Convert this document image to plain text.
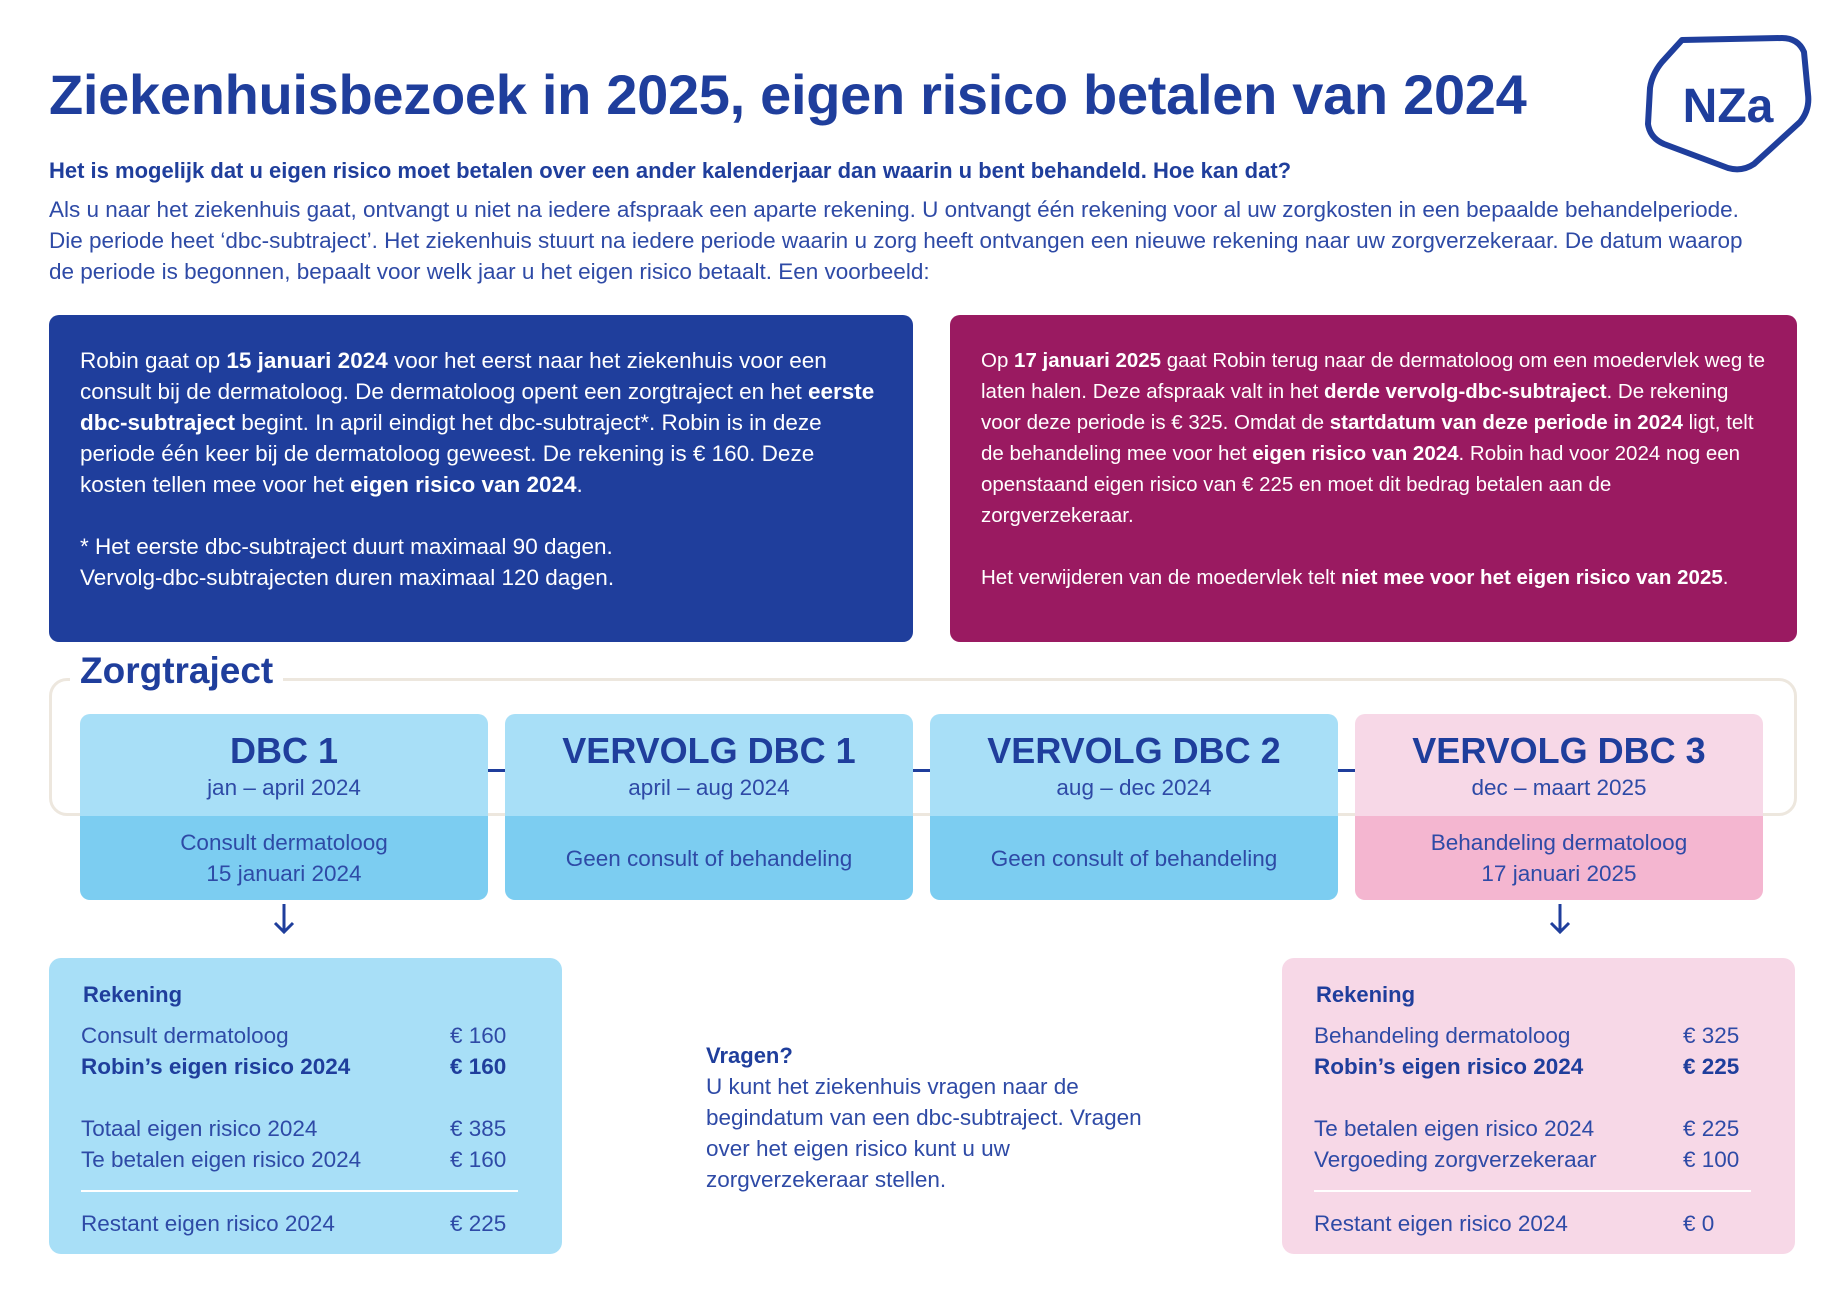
Ziekenhuisbezoek in 2025, eigen risico betalen van 2024	NZa
Het is mogelijk dat u eigen risico moet betalen over een ander kalenderjaar dan waarin u bent behandeld. Hoe kan dat?
Als u naar het ziekenhuis gaat, ontvangt u niet na iedere afspraak een aparte rekening. U ontvangt één rekening voor al uw zorgkosten in een bepaalde behandelperiode. Die periode heet ‘dbc-subtraject’. Het ziekenhuis stuurt na iedere periode waarin u zorg heeft ontvangen een nieuwe rekening naar uw zorgverzekeraar. De datum waarop de periode is begonnen, bepaalt voor welk jaar u het eigen risico betaalt. Een voorbeeld:

Robin gaat op 15 januari 2024 voor het eerst naar het ziekenhuis voor een consult bij de dermatoloog. De dermatoloog opent een zorgtraject en het eerste dbc-subtraject begint. In april eindigt het dbc-subtraject*. Robin is in deze periode één keer bij de dermatoloog geweest. De rekening is € 160. Deze kosten tellen mee voor het eigen risico van 2024.

* Het eerste dbc-subtraject duurt maximaal 90 dagen.

Vervolg-dbc-subtrajecten duren maximaal 120 dagen.

Op 17 januari 2025 gaat Robin terug naar de dermatoloog om een moedervlek weg te laten halen. Deze afspraak valt in het derde vervolg-dbc-subtraject. De rekening voor deze periode is € 325. Omdat de startdatum van deze periode in 2024 ligt, telt de behandeling mee voor het eigen risico van 2024. Robin had voor 2024 nog een openstaand eigen risico van € 225 en moet dit bedrag betalen aan de zorgverzekeraar.

Het verwijderen van de moedervlek telt niet mee voor het eigen risico van 2025.

Zorgtraject
DBC 1
jan – april 2024
Consult dermatoloog
15 januari 2024
VERVOLG DBC 1
april – aug 2024
Geen consult of behandeling
VERVOLG DBC 2
aug – dec 2024
Geen consult of behandeling
VERVOLG DBC 3
dec – maart 2025
Behandeling dermatoloog
17 januari 2025
Rekening
Consult dermatoloog	€ 160
Robin’s eigen risico 2024	€ 160
Totaal eigen risico 2024	€ 385
Te betalen eigen risico 2024	€ 160
Restant eigen risico 2024	€ 225
Vragen?
U kunt het ziekenhuis vragen naar de begindatum van een dbc-subtraject. Vragen over het eigen risico kunt u uw zorgverzekeraar stellen.
Rekening
Behandeling dermatoloog	€ 325
Robin’s eigen risico 2024	€ 225
Te betalen eigen risico 2024	€ 225
Vergoeding zorgverzekeraar	€ 100
Restant eigen risico 2024	€ 0
